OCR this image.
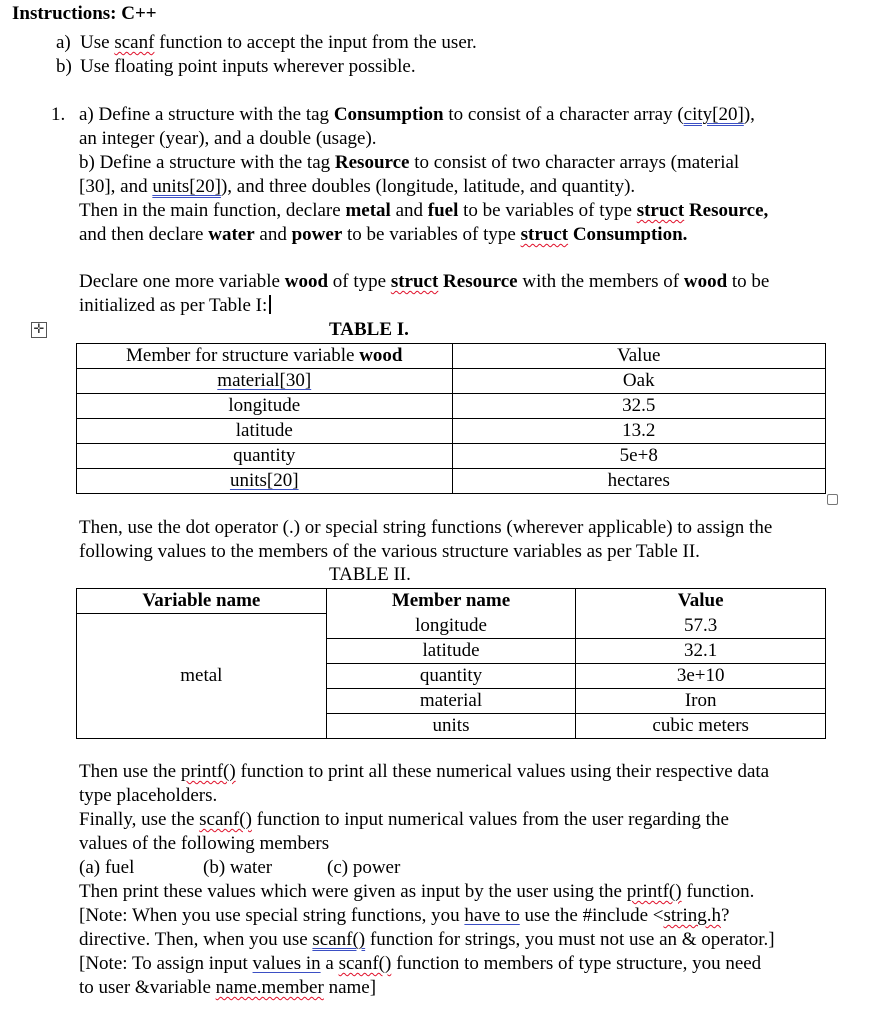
Instructions: C++
a) Use scanf function to accept the input from the user.
b) Use floating point inputs wherever possible.
1. a) Define a structure with the tag Consumption to consist of a character array (city[20]),
an integer (year), and a double (usage).
b) Define a structure with the tag Resource to consist of two character arrays (material
[30], and units[20]), and three doubles (longitude, latitude, and quantity).
Then in the main function, declare metal and fuel to be variables of type struct Resource,
and then declare water and power to be variables of type struct Consumption.
Declare one more variable wood of type struct Resource with the members of wood to be
initialized as per Table I:
✛	TABLE I.
Member for structure variable wood	Value
material[30]	Oak
longitude	32.5
latitude	13.2
quantity	5e+8
units[20]	hectares
Then, use the dot operator (.) or special string functions (wherever applicable) to assign the
following values to the members of the various structure variables as per Table II.
TABLE II.
Variable name	Member name	Value
metal	longitude	57.3
	latitude	32.1
	quantity	3e+10
	material	Iron
	units	cubic meters
Then use the printf() function to print all these numerical values using their respective data
type placeholders.
Finally, use the scanf() function to input numerical values from the user regarding the
values of the following members
(a) fuel	(b) water	(c) power
Then print these values which were given as input by the user using the printf() function.
[Note: When you use special string functions, you have to use the #include <string.h?
directive. Then, when you use scanf() function for strings, you must not use an & operator.]
[Note: To assign input values in a scanf() function to members of type structure, you need
to user &variable name.member name]
